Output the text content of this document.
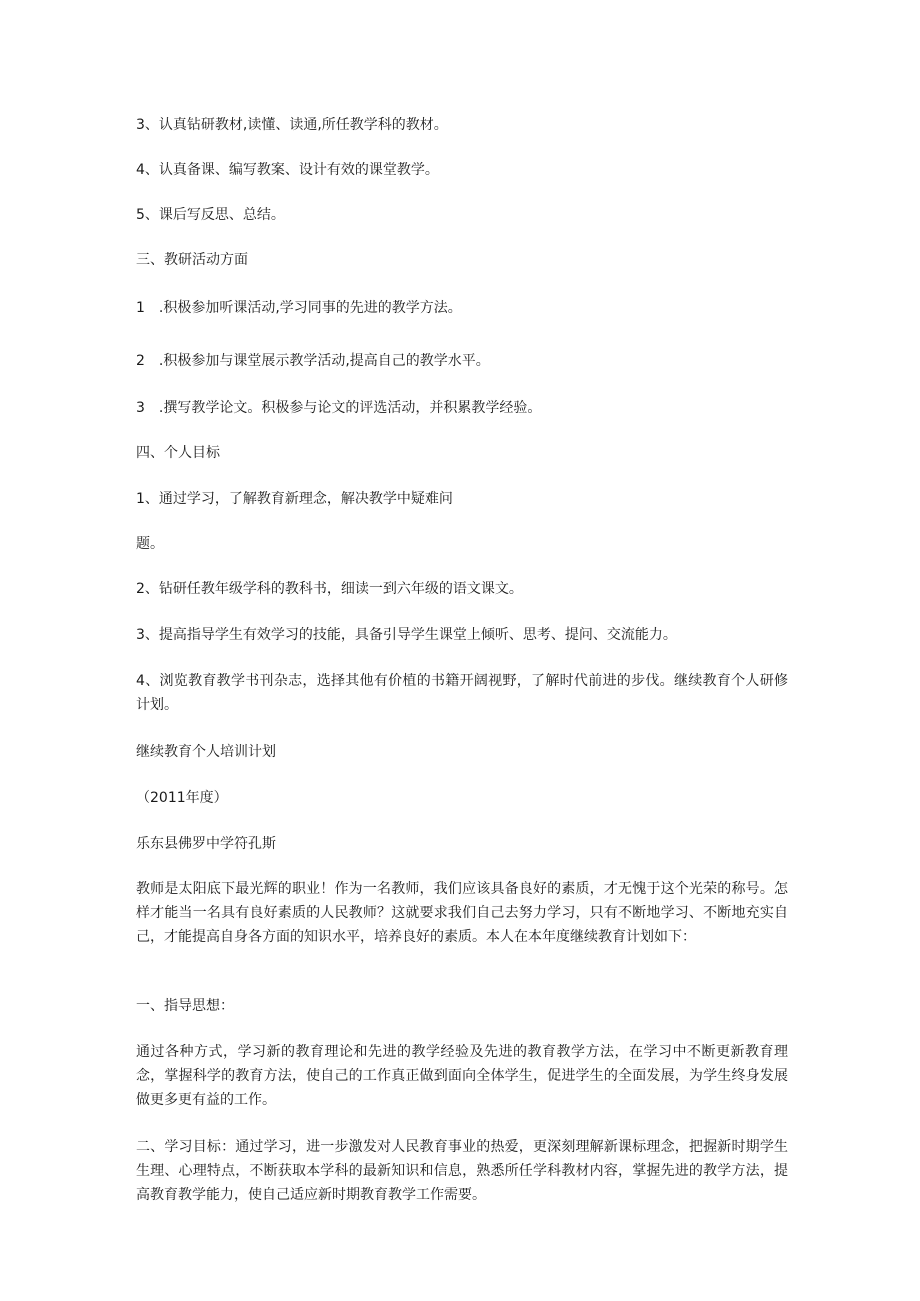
3、认真钻研教材,读懂、读通,所任教学科的教材。
4、认真备课、编写教案、设计有效的课堂教学。
5、课后写反思、总结。
三、教研活动方面
1　.积极参加听课活动,学习同事的先进的教学方法。
2　.积极参加与课堂展示教学活动,提高自己的教学水平。
3　.撰写教学论文。积极参与论文的评选活动，并积累教学经验。
四、个人目标
1、通过学习，了解教育新理念，解决教学中疑难问
题。
2、钻研任教年级学科的教科书，细读一到六年级的语文课文。
3、提高指导学生有效学习的技能，具备引导学生课堂上倾听、思考、提问、交流能力。
4、浏览教育教学书刊杂志，选择其他有价植的书籍开阔视野，了解时代前进的步伐。继续教育个人研修计划。
继续教育个人培训计划
（2011年度）
乐东县佛罗中学符孔斯
教师是太阳底下最光辉的职业！作为一名教师，我们应该具备良好的素质，才无愧于这个光荣的称号。怎样才能当一名具有良好素质的人民教师？这就要求我们自己去努力学习，只有不断地学习、不断地充实自己，才能提高自身各方面的知识水平，培养良好的素质。本人在本年度继续教育计划如下：
一、指导思想：
通过各种方式，学习新的教育理论和先进的教学经验及先进的教育教学方法，在学习中不断更新教育理念，掌握科学的教育方法，使自己的工作真正做到面向全体学生，促进学生的全面发展，为学生终身发展做更多更有益的工作。
二、学习目标：通过学习，进一步激发对人民教育事业的热爱，更深刻理解新课标理念，把握新时期学生生理、心理特点，不断获取本学科的最新知识和信息，熟悉所任学科教材内容，掌握先进的教学方法，提高教育教学能力，使自己适应新时期教育教学工作需要。
